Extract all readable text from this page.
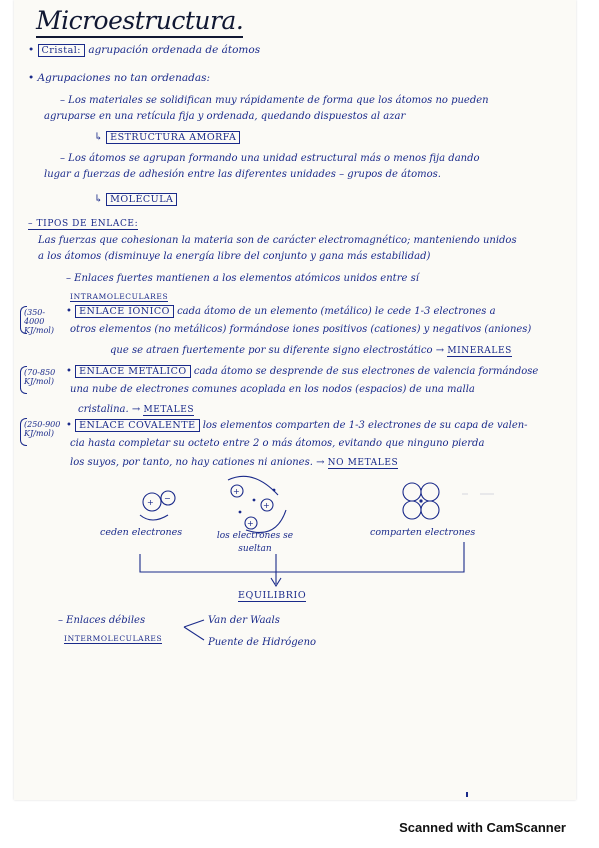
Microestructura.
• Cristal: agrupación ordenada de átomos
• Agrupaciones no tan ordenadas:
– Los materiales se solidifican muy rápidamente de forma que los átomos no pueden
agruparse en una retícula fija y ordenada, quedando dispuestos al azar
↳ ESTRUCTURA AMORFA
– Los átomos se agrupan formando una unidad estructural más o menos fija dando
lugar a fuerzas de adhesión entre las diferentes unidades – grupos de átomos.
↳ MOLÉCULA
– TIPOS DE ENLACE:
Las fuerzas que cohesionan la materia son de carácter electromagnético; manteniendo unidos
a los átomos (disminuye la energía libre del conjunto y gana más estabilidad)
– Enlaces fuertes mantienen a los elementos atómicos unidos entre sí
INTRAMOLECULARES
(350-4000 KJ/mol)
• ENLACE IÓNICO cada átomo de un elemento (metálico) le cede 1-3 electrones a
otros elementos (no metálicos) formándose iones positivos (cationes) y negativos (aniones)
que se atraen fuertemente por su diferente signo electrostático → MINERALES
(70-850 KJ/mol)
• ENLACE METÁLICO cada átomo se desprende de sus electrones de valencia formándose
una nube de electrones comunes acoplada en los nodos (espacios) de una malla
cristalina. → METALES
(250-900 KJ/mol)
• ENLACE COVALENTE los elementos comparten de 1-3 electrones de su capa de valen-
cia hasta completar su octeto entre 2 o más átomos, evitando que ninguno pierda
los suyos, por tanto, no hay cationes ni aniones. → NO METALES
+ −
+
+
+
ceden electrones	los electrones se sueltan
comparten electrones
EQUILIBRIO
– Enlaces débiles
INTERMOLECULARES
Van der Waals
Puente de Hidrógeno
Scanned with CamScanner
